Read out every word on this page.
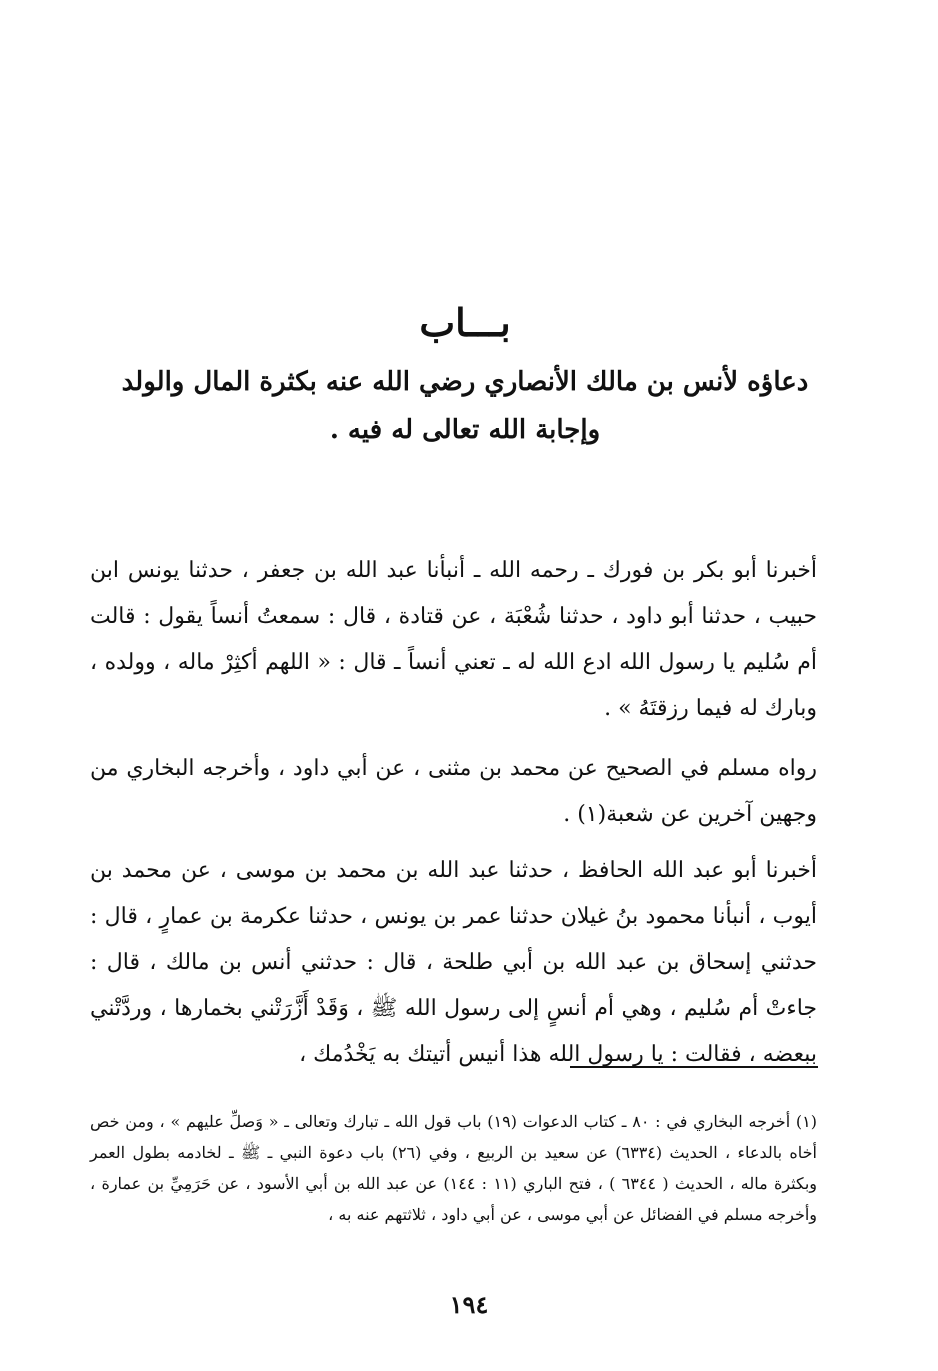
بـــاب
دعاؤه لأنس بن مالك الأنصاري رضي الله عنه بكثرة المال والولد
وإجابة الله تعالى له فيه .

أخبرنا أبو بكر بن فورك ـ رحمه الله ـ أنبأنا عبد الله بن جعفر ، حدثنا يونس ابن حبيب ، حدثنا أبو داود ، حدثنا شُعْبَة ، عن قتادة ، قال : سمعتُ أنساً يقول : قالت أم سُليم يا رسول الله ادع الله له ـ تعني أنساً ـ قال : « اللهم أكثِرْ ماله ، وولده ، وبارك له فيما رزقتَهُ » .

رواه مسلم في الصحيح عن محمد بن مثنى ، عن أبي داود ، وأخرجه البخاري من وجهين آخرين عن شعبة(١) .

أخبرنا أبو عبد الله الحافظ ، حدثنا عبد الله بن محمد بن موسى ، عن محمد بن أيوب ، أنبأنا محمود بنُ غيلان حدثنا عمر بن يونس ، حدثنا عكرمة بن عمارٍ ، قال : حدثني إسحاق بن عبد الله بن أبي طلحة ، قال : حدثني أنس بن مالك ، قال : جاءتْ أم سُليم ، وهي أم أنسٍ إلى رسول الله ﷺ ، وَقَدْ أَزَّرَتْني بخمارها ، وردَّتْني ببعضه ، فقالت : يا رسول الله هذا أنيس أتيتك به يَخْدُمك ،

(١) أخرجه البخاري في : ٨٠ ـ كتاب الدعوات (١٩) باب قول الله ـ تبارك وتعالى ـ « وَصلِّ عليهم » ، ومن خص أخاه بالدعاء ، الحديث (٦٣٣٤) عن سعيد بن الربيع ، وفي (٢٦) باب دعوة النبي ـ ﷺ ـ لخادمه بطول العمر وبكثرة ماله ، الحديث ( ٦٣٤٤ ) ، فتح الباري (١١ : ١٤٤) عن عبد الله بن أبي الأسود ، عن حَرَمِيِّ بن عمارة ، وأخرجه مسلم في الفضائل عن أبي موسى ، عن أبي داود ، ثلاثتهم عنه به ،

١٩٤
